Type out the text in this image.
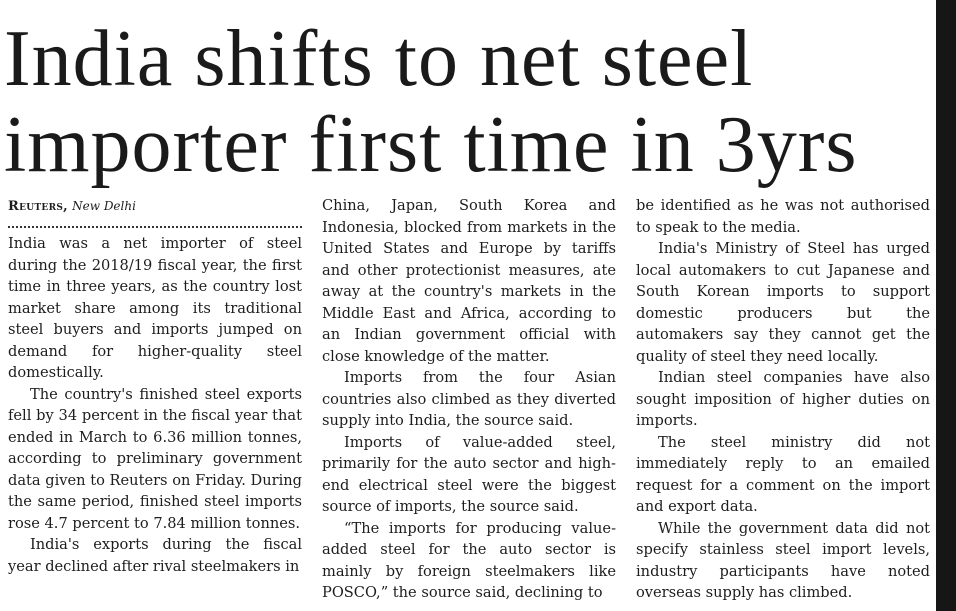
India shifts to net steel
importer first time in 3yrs
Reuters, New Delhi

India was a net importer of steel during the 2018/19 fiscal year, the first time in three years, as the country lost market share among its traditional steel buyers and imports jumped on demand for higher-quality steel domestically.

The country's finished steel exports fell by 34 percent in the fiscal year that ended in March to 6.36 million tonnes, according to preliminary government data given to Reuters on Friday. During the same period, finished steel imports rose 4.7 percent to 7.84 million tonnes.

India's exports during the fiscal year declined after rival steelmakers in

China, Japan, South Korea and Indonesia, blocked from markets in the United States and Europe by tariffs and other protectionist measures, ate away at the country's markets in the Middle East and Africa, according to an Indian government official with close knowledge of the matter.

Imports from the four Asian countries also climbed as they diverted supply into India, the source said.

Imports of value-added steel, primarily for the auto sector and high-end electrical steel were the biggest source of imports, the source said.

“The imports for producing value-added steel for the auto sector is mainly by foreign steelmakers like POSCO,” the source said, declining to

be identified as he was not authorised to speak to the media.

India's Ministry of Steel has urged local automakers to cut Japanese and South Korean imports to support domestic producers but the automakers say they cannot get the quality of steel they need locally.

Indian steel companies have also sought imposition of higher duties on imports.

The steel ministry did not immediately reply to an emailed request for a comment on the import and export data.

While the government data did not specify stainless steel import levels, industry participants have noted overseas supply has climbed.
